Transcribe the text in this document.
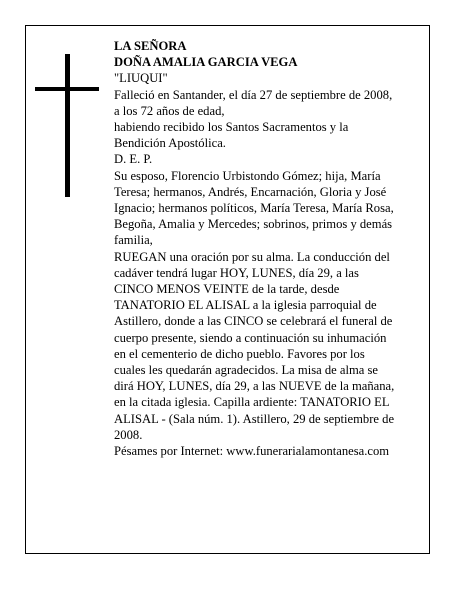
LA SEÑORA
DOÑA AMALIA GARCIA VEGA
"LIUQUI"
Falleció en Santander, el día 27 de septiembre de 2008,
a los 72 años de edad,
habiendo recibido los Santos Sacramentos y la
Bendición Apostólica.
D. E. P.
Su esposo, Florencio Urbistondo Gómez; hija, María
Teresa; hermanos, Andrés, Encarnación, Gloria y José
Ignacio; hermanos políticos, María Teresa, María Rosa,
Begoña, Amalia y Mercedes; sobrinos, primos y demás
familia,
RUEGAN una oración por su alma. La conducción del
cadáver tendrá lugar HOY, LUNES, día 29, a las
CINCO MENOS VEINTE de la tarde, desde
TANATORIO EL ALISAL a la iglesia parroquial de
Astillero, donde a las CINCO se celebrará el funeral de
cuerpo presente, siendo a continuación su inhumación
en el cementerio de dicho pueblo. Favores por los
cuales les quedarán agradecidos. La misa de alma se
dirá HOY, LUNES, día 29, a las NUEVE de la mañana,
en la citada iglesia. Capilla ardiente: TANATORIO EL
ALISAL - (Sala núm. 1). Astillero, 29 de septiembre de
2008.
Pésames por Internet: www.funerarialamontanesa.com
